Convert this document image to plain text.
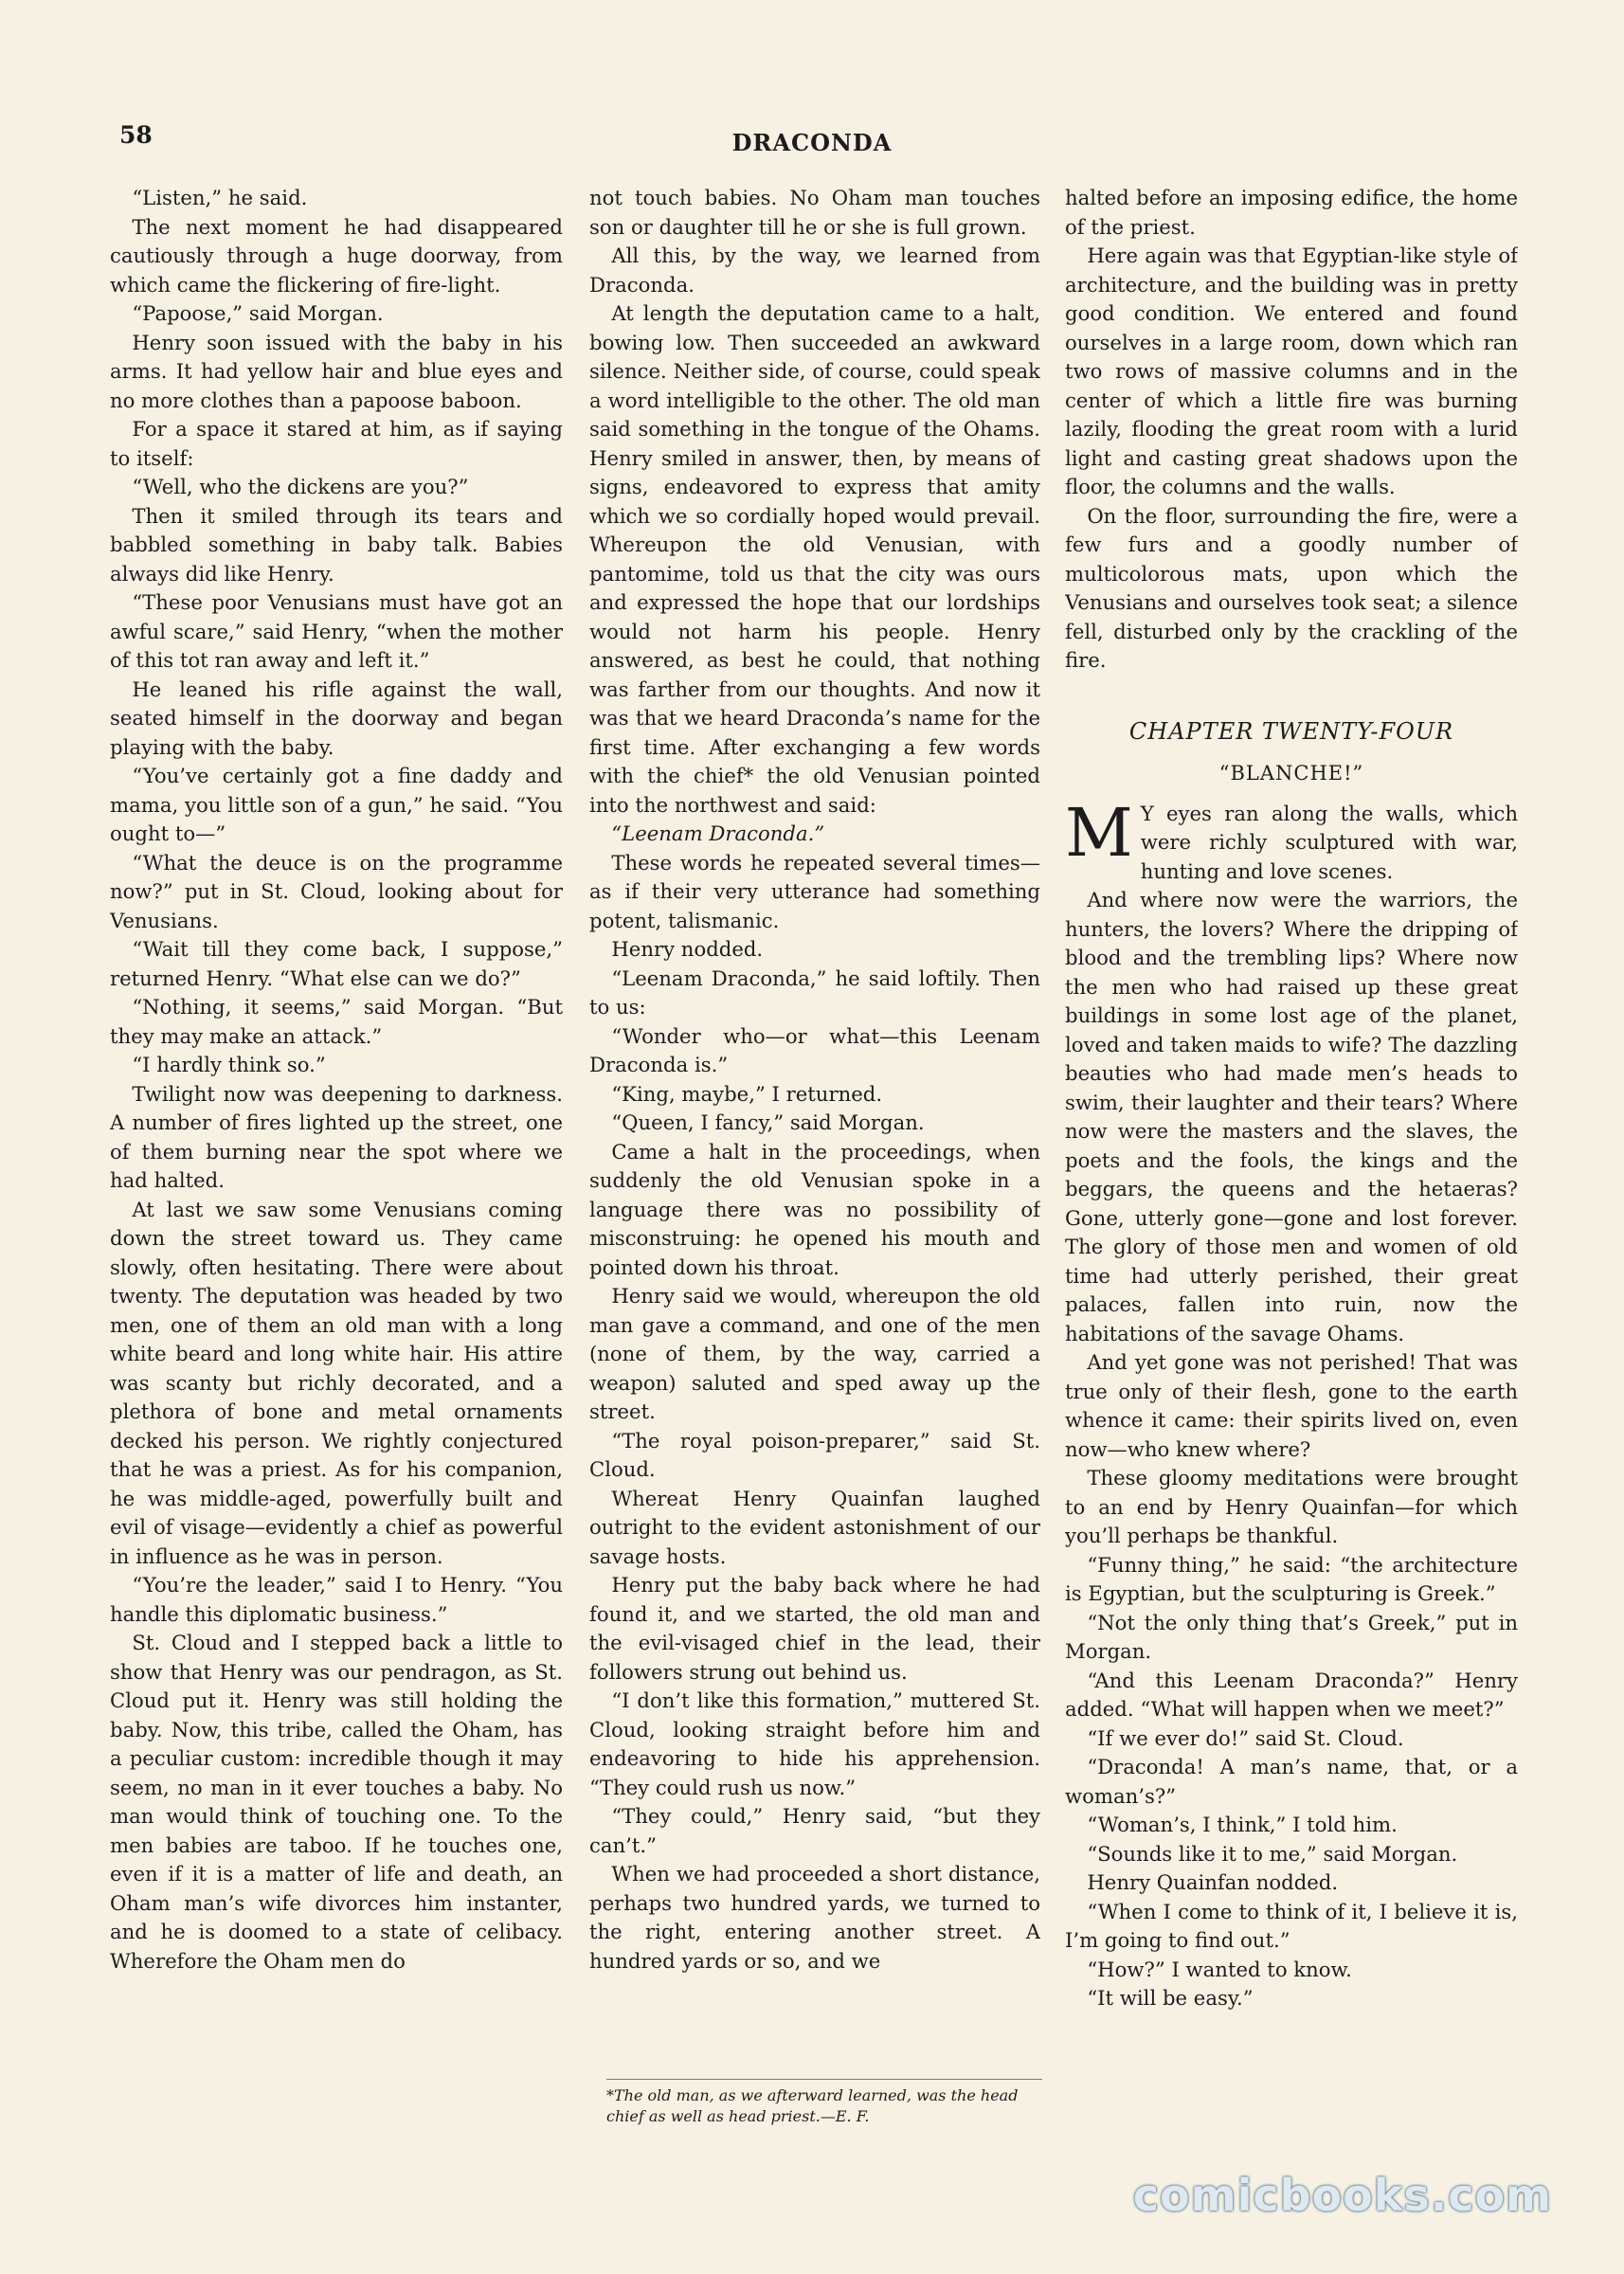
58	DRACONDA

“Listen,” he said.

The next moment he had disappeared cautiously through a huge doorway, from which came the flickering of fire-light.

“Papoose,” said Morgan.

Henry soon issued with the baby in his arms. It had yellow hair and blue eyes and no more clothes than a papoose baboon.

For a space it stared at him, as if saying to itself:

“Well, who the dickens are you?”

Then it smiled through its tears and babbled something in baby talk. Babies always did like Henry.

“These poor Venusians must have got an awful scare,” said Henry, “when the mother of this tot ran away and left it.”

He leaned his rifle against the wall, seated himself in the doorway and began playing with the baby.

“You’ve certainly got a fine daddy and mama, you little son of a gun,” he said. “You ought to—”

“What the deuce is on the programme now?” put in St. Cloud, looking about for Venusians.

“Wait till they come back, I suppose,” returned Henry. “What else can we do?”

“Nothing, it seems,” said Morgan. “But they may make an attack.”

“I hardly think so.”

Twilight now was deepening to darkness. A number of fires lighted up the street, one of them burning near the spot where we had halted.

At last we saw some Venusians coming down the street toward us. They came slowly, often hesitating. There were about twenty. The deputation was headed by two men, one of them an old man with a long white beard and long white hair. His attire was scanty but richly decorated, and a plethora of bone and metal ornaments decked his person. We rightly conjectured that he was a priest. As for his companion, he was middle-aged, powerfully built and evil of visage—evidently a chief as powerful in influence as he was in person.

“You’re the leader,” said I to Henry. “You handle this diplomatic business.”

St. Cloud and I stepped back a little to show that Henry was our pendragon, as St. Cloud put it. Henry was still holding the baby. Now, this tribe, called the Oham, has a peculiar custom: incredible though it may seem, no man in it ever touches a baby. No man would think of touching one. To the men babies are taboo. If he touches one, even if it is a matter of life and death, an Oham man’s wife divorces him instanter, and he is doomed to a state of celibacy. Wherefore the Oham men do

not touch babies. No Oham man touches son or daughter till he or she is full grown.

All this, by the way, we learned from Draconda.

At length the deputation came to a halt, bowing low. Then succeeded an awkward silence. Neither side, of course, could speak a word intelligible to the other. The old man said something in the tongue of the Ohams. Henry smiled in answer, then, by means of signs, endeavored to express that amity which we so cordially hoped would prevail. Whereupon the old Venusian, with pantomime, told us that the city was ours and expressed the hope that our lordships would not harm his people. Henry answered, as best he could, that nothing was farther from our thoughts. And now it was that we heard Draconda’s name for the first time. After exchanging a few words with the chief* the old Venusian pointed into the northwest and said:

“Leenam Draconda.”

These words he repeated several times—as if their very utterance had something potent, talismanic.

Henry nodded.

“Leenam Draconda,” he said loftily. Then to us:

“Wonder who—or what—this Leenam Draconda is.”

“King, maybe,” I returned.

“Queen, I fancy,” said Morgan.

Came a halt in the proceedings, when suddenly the old Venusian spoke in a language there was no possibility of misconstruing: he opened his mouth and pointed down his throat.

Henry said we would, whereupon the old man gave a command, and one of the men (none of them, by the way, carried a weapon) saluted and sped away up the street.

“The royal poison-preparer,” said St. Cloud.

Whereat Henry Quainfan laughed outright to the evident astonishment of our savage hosts.

Henry put the baby back where he had found it, and we started, the old man and the evil-visaged chief in the lead, their followers strung out behind us.

“I don’t like this formation,” muttered St. Cloud, looking straight before him and endeavoring to hide his apprehension. “They could rush us now.”

“They could,” Henry said, “but they can’t.”

When we had proceeded a short distance, perhaps two hundred yards, we turned to the right, entering another street. A hundred yards or so, and we

halted before an imposing edifice, the home of the priest.

Here again was that Egyptian-like style of architecture, and the building was in pretty good condition. We entered and found ourselves in a large room, down which ran two rows of massive columns and in the center of which a little fire was burning lazily, flooding the great room with a lurid light and casting great shadows upon the floor, the columns and the walls.

On the floor, surrounding the fire, were a few furs and a goodly number of multicolorous mats, upon which the Venusians and ourselves took seat; a silence fell, disturbed only by the crackling of the fire.

CHAPTER TWENTY-FOUR
“BLANCHE!”

M Y eyes ran along the walls, which were richly sculptured with war, hunting and love scenes.

And where now were the warriors, the hunters, the lovers? Where the dripping of blood and the trembling lips? Where now the men who had raised up these great buildings in some lost age of the planet, loved and taken maids to wife? The dazzling beauties who had made men’s heads to swim, their laughter and their tears? Where now were the masters and the slaves, the poets and the fools, the kings and the beggars, the queens and the hetaeras? Gone, utterly gone—gone and lost forever. The glory of those men and women of old time had utterly perished, their great palaces, fallen into ruin, now the habitations of the savage Ohams.

And yet gone was not perished! That was true only of their flesh, gone to the earth whence it came: their spirits lived on, even now—who knew where?

These gloomy meditations were brought to an end by Henry Quainfan—for which you’ll perhaps be thankful.

“Funny thing,” he said: “the architecture is Egyptian, but the sculpturing is Greek.”

“Not the only thing that’s Greek,” put in Morgan.

“And this Leenam Draconda?” Henry added. “What will happen when we meet?”

“If we ever do!” said St. Cloud.

“Draconda! A man’s name, that, or a woman’s?”

“Woman’s, I think,” I told him.

“Sounds like it to me,” said Morgan.

Henry Quainfan nodded.

“When I come to think of it, I believe it is, I’m going to find out.”

“How?” I wanted to know.

“It will be easy.”

*The old man, as we afterward learned, was the head chief as well as head priest.—E. F.
comicbooks.com
